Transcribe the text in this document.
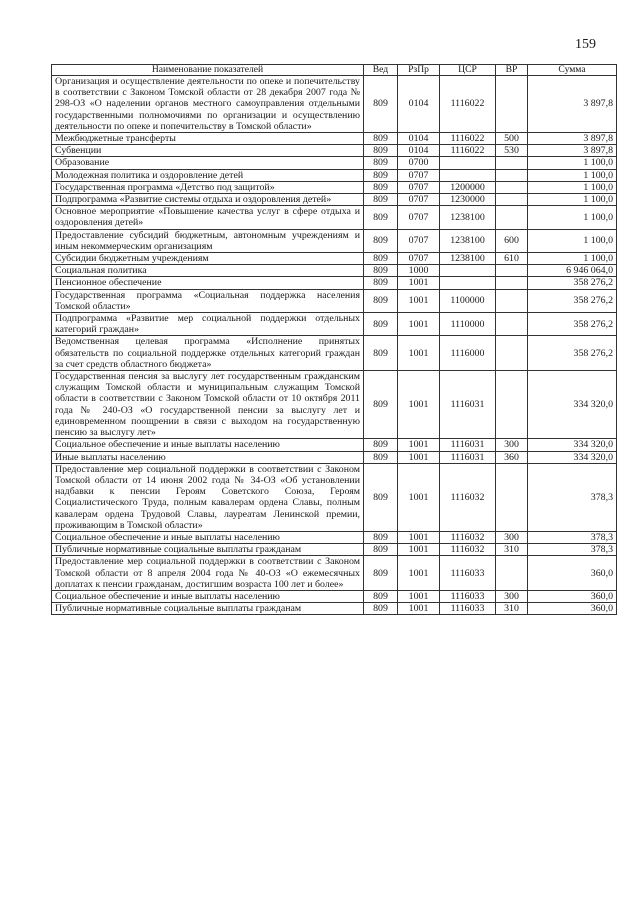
159
Наименование показателей	Вед	РзПр	ЦСР	ВР	Сумма
Организация и осуществление деятельности по опеке и попечительству в соответствии с Законом Томской области от 28 декабря 2007 года № 298-ОЗ «О наделении органов местного самоуправления отдельными государственными полномочиями по организации и осуществлению деятельности по опеке и попечительству в Томской области»	809	0104	1116022		3 897,8
Межбюджетные трансферты	809	0104	1116022	500	3 897,8
Субвенции	809	0104	1116022	530	3 897,8
Образование	809	0700			1 100,0
Молодежная политика и оздоровление детей	809	0707			1 100,0
Государственная программа «Детство под защитой»	809	0707	1200000		1 100,0
Подпрограмма «Развитие системы отдыха и оздоровления детей»	809	0707	1230000		1 100,0
Основное мероприятие «Повышение качества услуг в сфере отдыха и оздоровления детей»	809	0707	1238100		1 100,0
Предоставление субсидий бюджетным, автономным учреждениям и иным некоммерческим организациям	809	0707	1238100	600	1 100,0
Субсидии бюджетным учреждениям	809	0707	1238100	610	1 100,0
Социальная политика	809	1000			6 946 064,0
Пенсионное обеспечение	809	1001			358 276,2
Государственная программа «Социальная поддержка населения Томской области»	809	1001	1100000		358 276,2
Подпрограмма «Развитие мер социальной поддержки отдельных категорий граждан»	809	1001	1110000		358 276,2
Ведомственная целевая программа «Исполнение принятых обязательств по социальной поддержке отдельных категорий граждан за счет средств областного бюджета»	809	1001	1116000		358 276,2
Государственная пенсия за выслугу лет государственным гражданским служащим Томской области и муниципальным служащим Томской области в соответствии с Законом Томской области от 10 октября 2011 года № 240-ОЗ «О государственной пенсии за выслугу лет и единовременном поощрении в связи с выходом на государственную пенсию за выслугу лет»	809	1001	1116031		334 320,0
Социальное обеспечение и иные выплаты населению	809	1001	1116031	300	334 320,0
Иные выплаты населению	809	1001	1116031	360	334 320,0
Предоставление мер социальной поддержки в соответствии с Законом Томской области от 14 июня 2002 года № 34-ОЗ «Об установлении надбавки к пенсии Героям Советского Союза, Героям Социалистического Труда, полным кавалерам ордена Славы, полным кавалерам ордена Трудовой Славы, лауреатам Ленинской премии, проживающим в Томской области»	809	1001	1116032		378,3
Социальное обеспечение и иные выплаты населению	809	1001	1116032	300	378,3
Публичные нормативные социальные выплаты гражданам	809	1001	1116032	310	378,3
Предоставление мер социальной поддержки в соответствии с Законом Томской области от 8 апреля 2004 года № 40-ОЗ «О ежемесячных доплатах к пенсии гражданам, достигшим возраста 100 лет и более»	809	1001	1116033		360,0
Социальное обеспечение и иные выплаты населению	809	1001	1116033	300	360,0
Публичные нормативные социальные выплаты гражданам	809	1001	1116033	310	360,0
